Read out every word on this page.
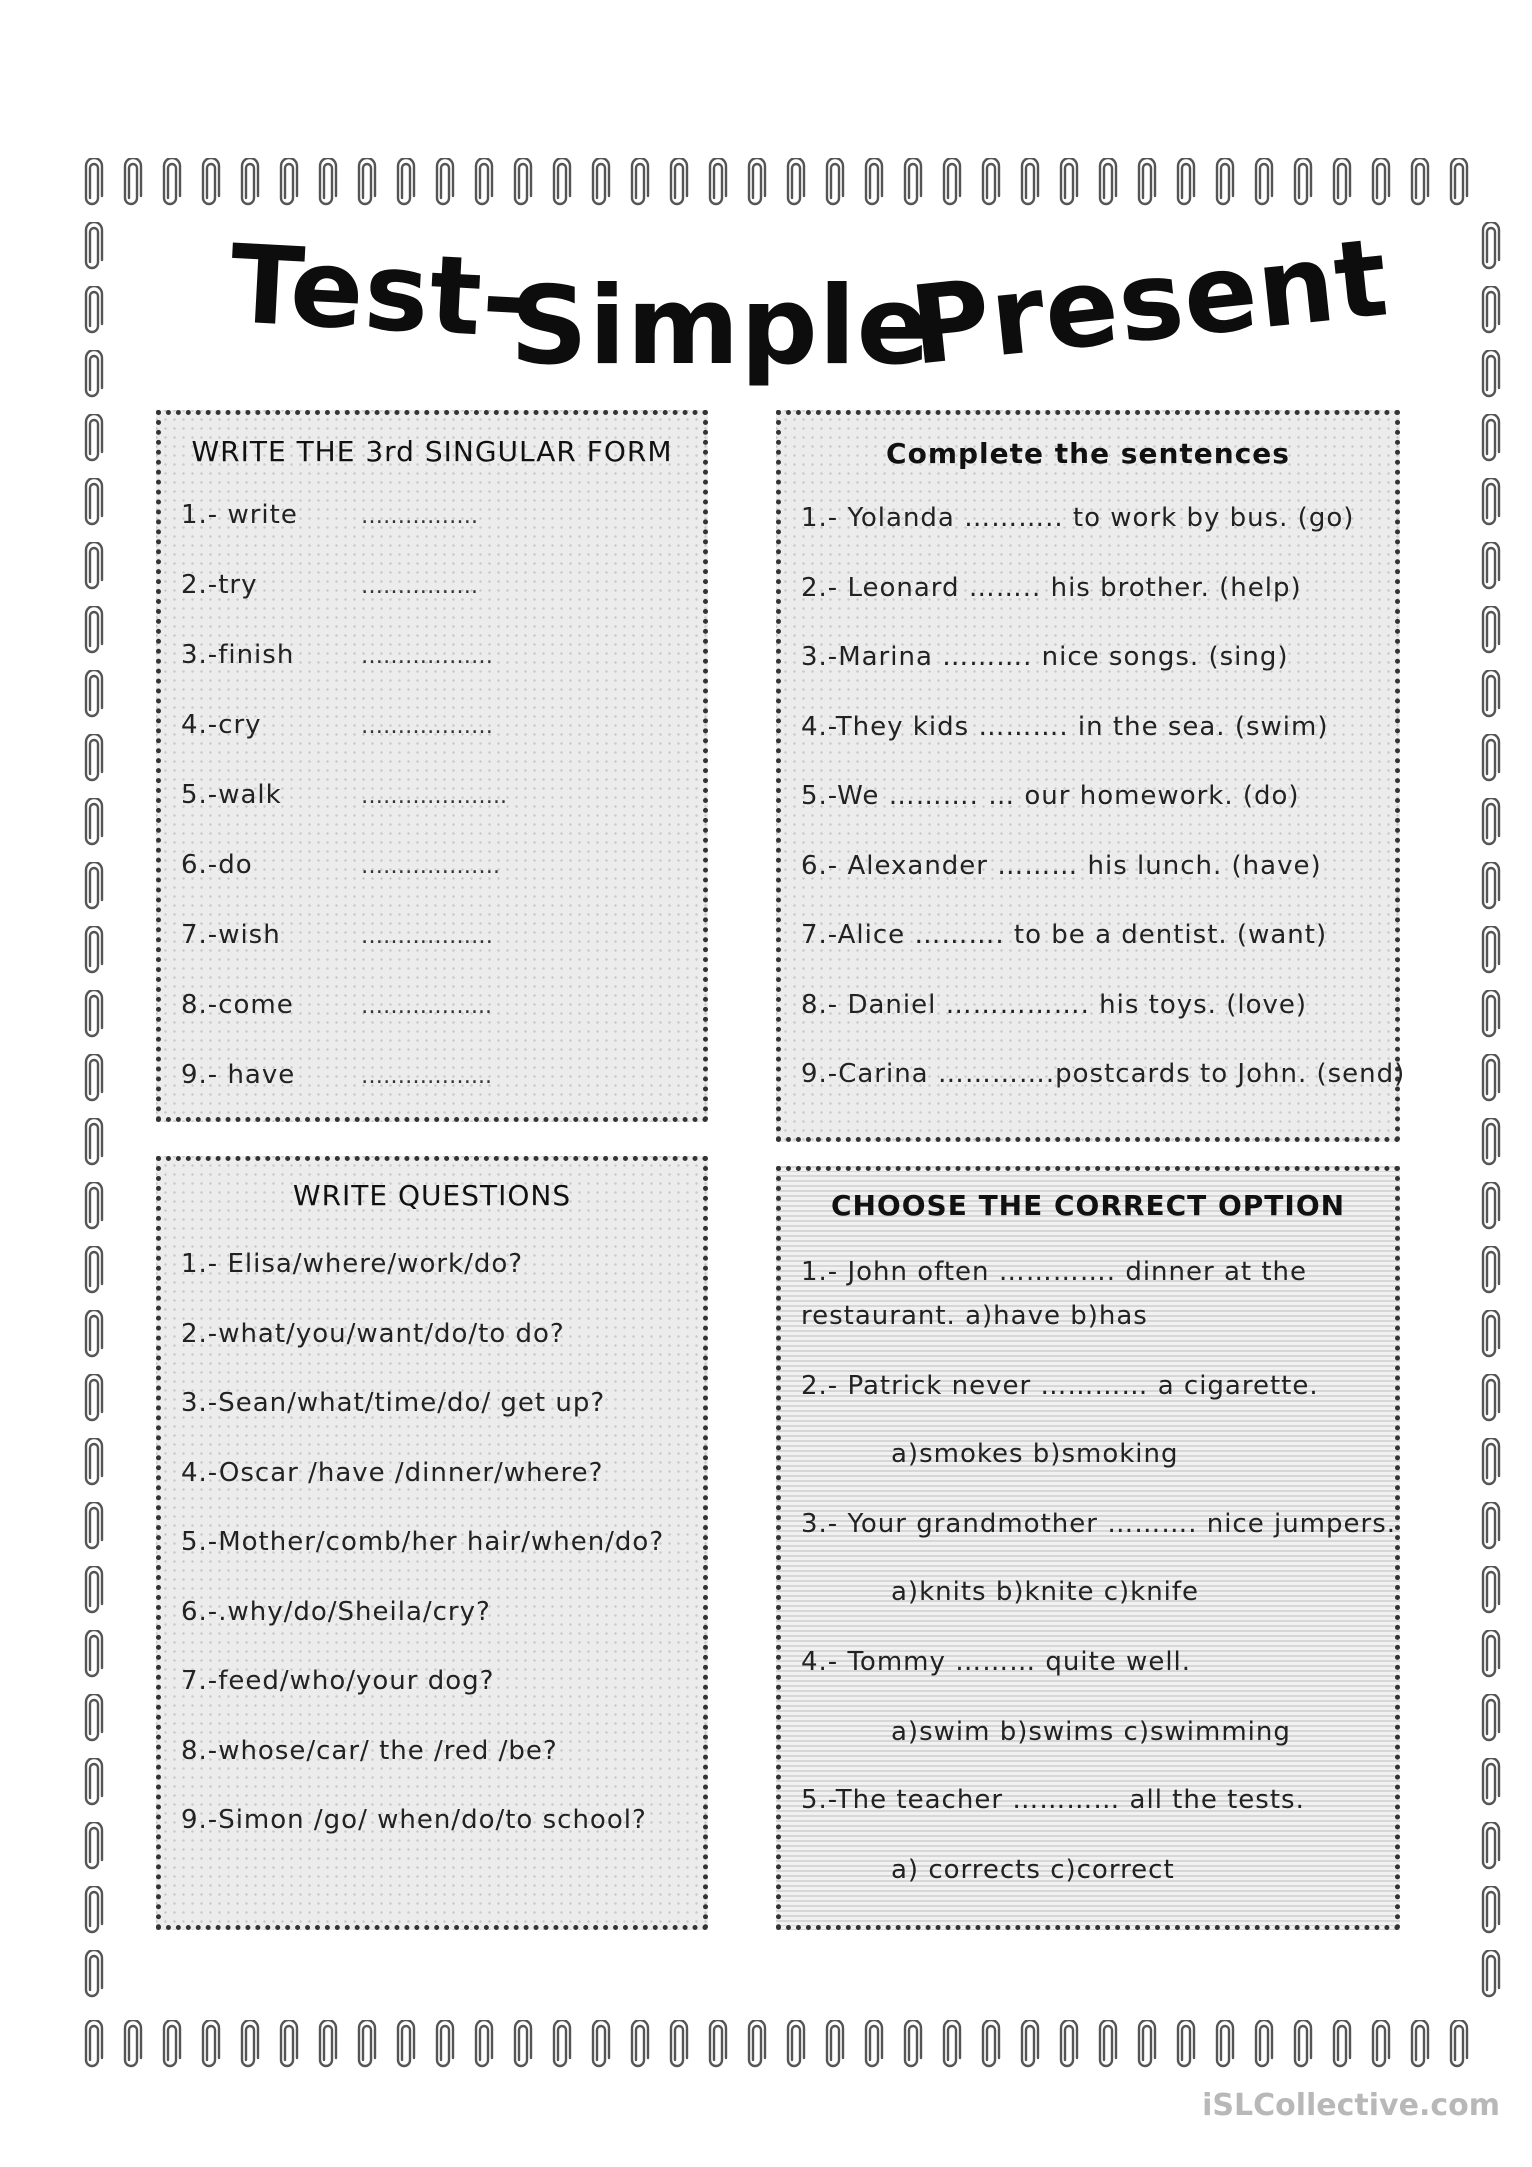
Test-
Simple
Present
WRITE THE 3rd SINGULAR FORM
1.- write	…………….
2.-try	…………….
3.-finish	………………
4.-cry	………………
5.-walk	………………..
6.-do	……………….
7.-wish	………………
8.-come	……………...
9.- have	……………...
Complete the sentences
1.- Yolanda ……….. to work by bus. (go)
2.- Leonard …….. his brother. (help)
3.-Marina ………. nice songs. (sing)
4.-They kids ………. in the sea. (swim)
5.-We ………. … our homework. (do)
6.- Alexander ……… his lunch. (have)
7.-Alice ………. to be a dentist. (want)
8.- Daniel ……………. his toys. (love)
9.-Carina ………….postcards to John. (send)
WRITE QUESTIONS
1.- Elisa/where/work/do?
2.-what/you/want/do/to do?
3.-Sean/what/time/do/ get up?
4.-Oscar /have /dinner/where?
5.-Mother/comb/her hair/when/do?
6.-.why/do/Sheila/cry?
7.-feed/who/your dog?
8.-whose/car/ the /red /be?
9.-Simon /go/ when/do/to school?
CHOOSE THE CORRECT OPTION
1.- John often …………. dinner at the
restaurant. a)have b)has
2.- Patrick never ………… a cigarette.
a)smokes b)smoking
3.- Your grandmother ………. nice jumpers.
a)knits b)knite c)knife
4.- Tommy ……… quite well.
a)swim b)swims c)swimming
5.-The teacher ………… all the tests.
a) corrects c)correct
iSLCollective.com
